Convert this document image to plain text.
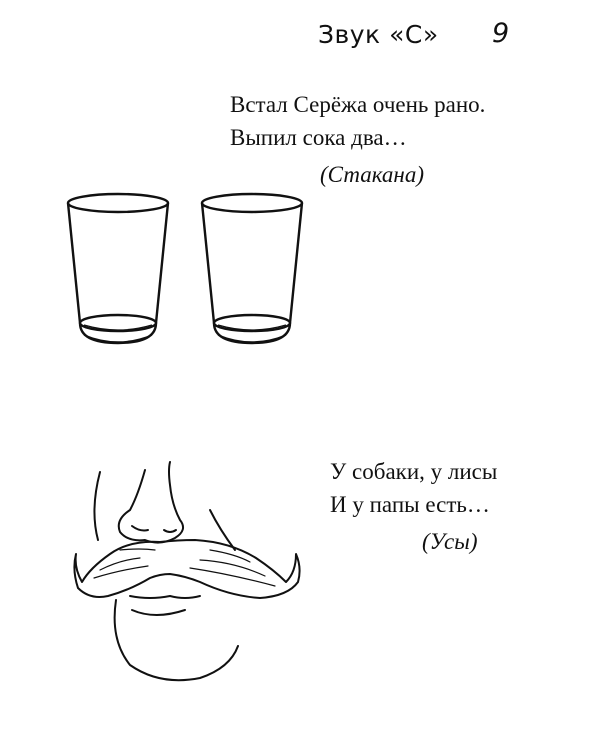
Звук «С» 9
Встал Серёжа очень рано.
Выпил сока два…
(Стакана)
У собаки, у лисы
И у папы есть…
(Усы)
